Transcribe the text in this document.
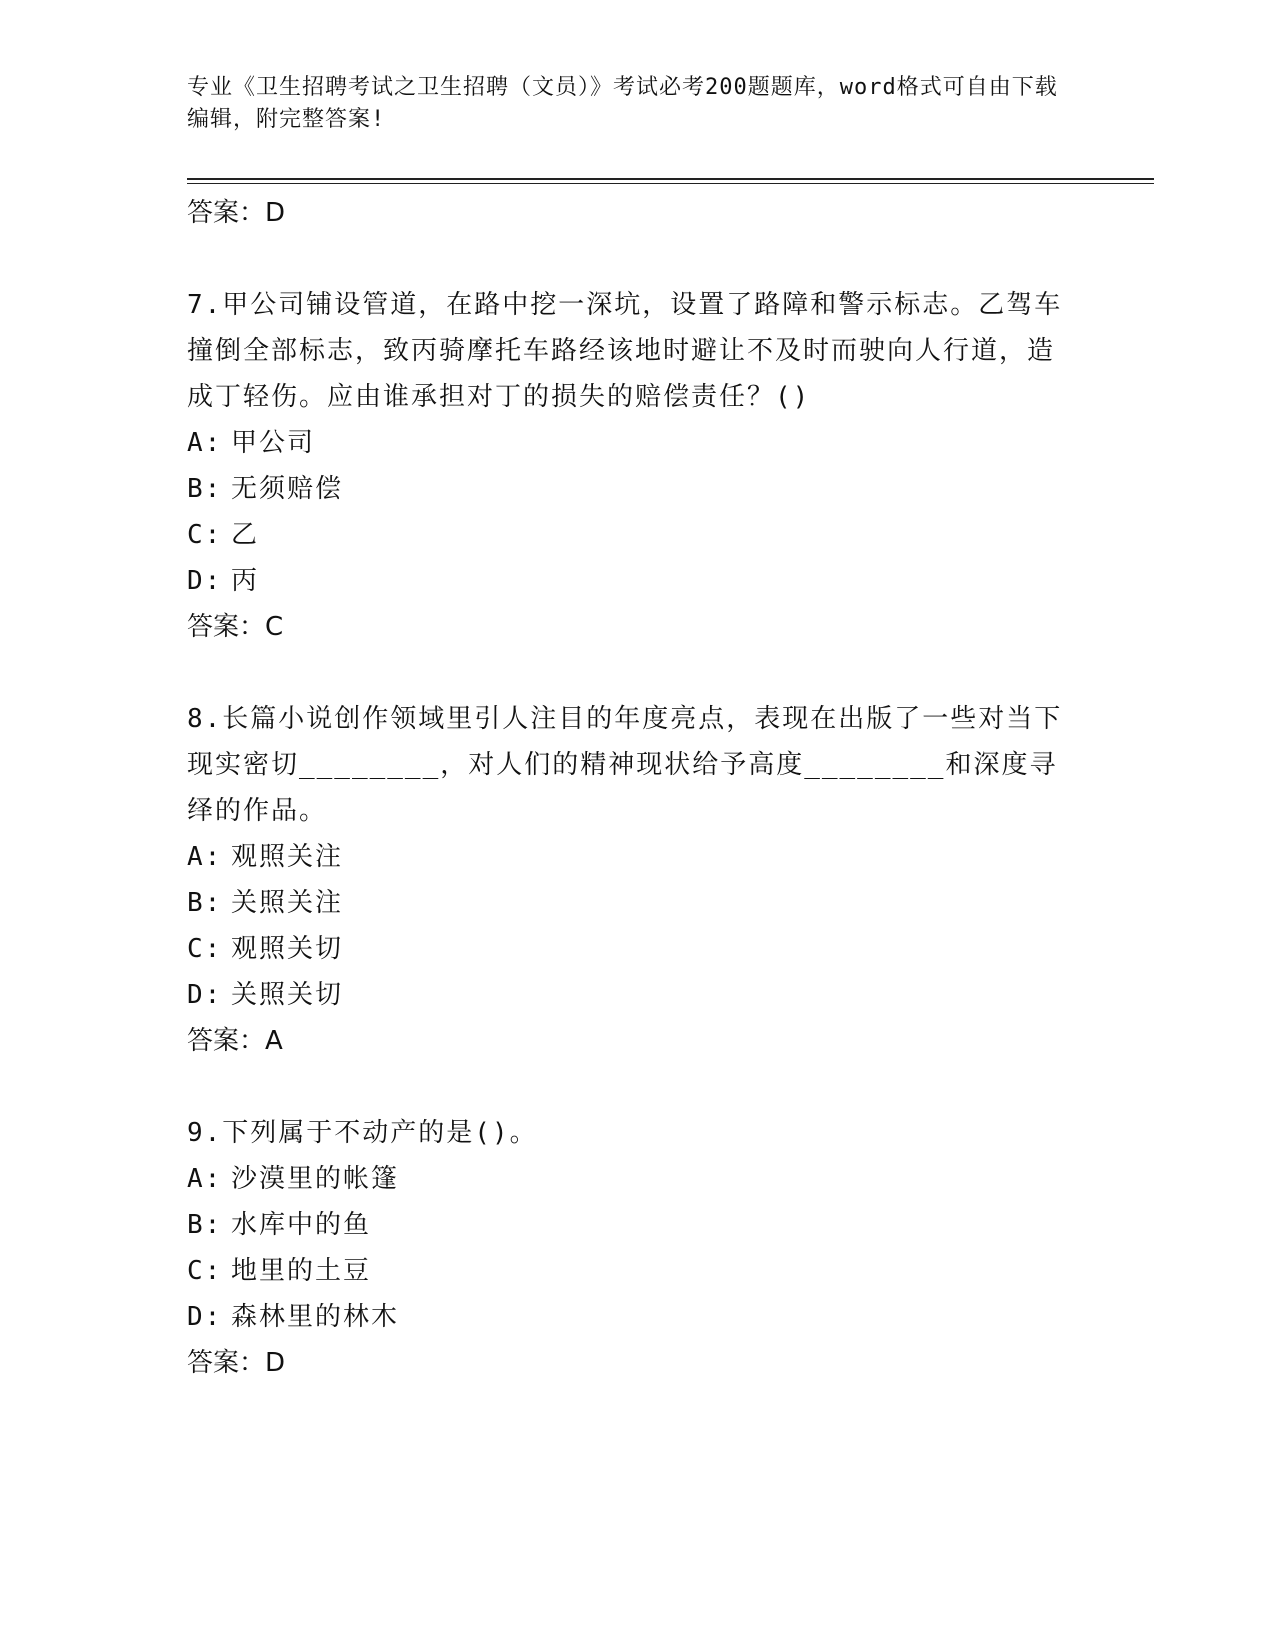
专业《卫生招聘考试之卫生招聘（文员）》考试必考200题题库，word格式可自由下载编辑，附完整答案!

答案：D

7.甲公司铺设管道，在路中挖一深坑，设置了路障和警示标志。乙驾车撞倒全部标志，致丙骑摩托车路经该地时避让不及时而驶向人行道，造成丁轻伤。应由谁承担对丁的损失的赔偿责任？()

A: 甲公司

B: 无须赔偿

C: 乙

D: 丙

答案：C

8.长篇小说创作领域里引人注目的年度亮点，表现在出版了一些对当下现实密切________，对人们的精神现状给予高度________和深度寻绎的作品。

A: 观照关注

B: 关照关注

C: 观照关切

D: 关照关切

答案：A

9.下列属于不动产的是()。

A: 沙漠里的帐篷

B: 水库中的鱼

C: 地里的土豆

D: 森林里的林木

答案：D
